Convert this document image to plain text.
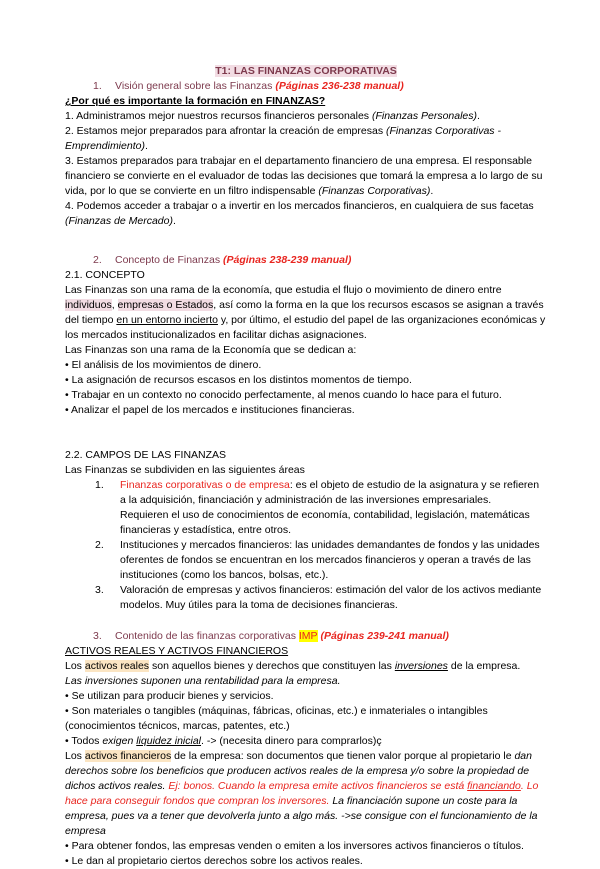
T1: LAS FINANZAS CORPORATIVAS
1.	Visión general sobre las Finanzas (Páginas 236-238 manual)

¿Por qué es importante la formación en FINANZAS?

1. Administramos mejor nuestros recursos financieros personales (Finanzas Personales).

2. Estamos mejor preparados para afrontar la creación de empresas (Finanzas Corporativas - Emprendimiento).

3. Estamos preparados para trabajar en el departamento financiero de una empresa. El responsable financiero se convierte en el evaluador de todas las decisiones que tomará la empresa a lo largo de su vida, por lo que se convierte en un filtro indispensable (Finanzas Corporativas).

4. Podemos acceder a trabajar o a invertir en los mercados financieros, en cualquiera de sus facetas (Finanzas de Mercado).

2.	Concepto de Finanzas (Páginas 238-239 manual)

2.1. CONCEPTO

Las Finanzas son una rama de la economía, que estudia el flujo o movimiento de dinero entre individuos, empresas o Estados, así como la forma en la que los recursos escasos se asignan a través del tiempo en un entorno incierto y, por último, el estudio del papel de las organizaciones económicas y los mercados institucionalizados en facilitar dichas asignaciones.

Las Finanzas son una rama de la Economía que se dedican a:

• El análisis de los movimientos de dinero.

• La asignación de recursos escasos en los distintos momentos de tiempo.

• Trabajar en un contexto no conocido perfectamente, al menos cuando lo hace para el futuro.

• Analizar el papel de los mercados e instituciones financieras.

2.2. CAMPOS DE LAS FINANZAS

Las Finanzas se subdividen en las siguientes áreas

1.	Finanzas corporativas o de empresa: es el objeto de estudio de la asignatura y se refieren a la adquisición, financiación y administración de las inversiones empresariales.
Requieren el uso de conocimientos de economía, contabilidad, legislación, matemáticas financieras y estadística, entre otros.
2.	Instituciones y mercados financieros: las unidades demandantes de fondos y las unidades oferentes de fondos se encuentran en los mercados financieros y operan a través de las instituciones (como los bancos, bolsas, etc.).
3.	Valoración de empresas y activos financieros: estimación del valor de los activos mediante modelos. Muy útiles para la toma de decisiones financieras.
3.	Contenido de las finanzas corporativas IMP (Páginas 239-241 manual)

ACTIVOS REALES Y ACTIVOS FINANCIEROS

Los activos reales son aquellos bienes y derechos que constituyen las inversiones de la empresa.

Las inversiones suponen una rentabilidad para la empresa.

• Se utilizan para producir bienes y servicios.

• Son materiales o tangibles (máquinas, fábricas, oficinas, etc.) e inmateriales o intangibles (conocimientos técnicos, marcas, patentes, etc.)

• Todos exigen liquidez inicial. -> (necesita dinero para comprarlos)ç

Los activos financieros de la empresa: son documentos que tienen valor porque al propietario le dan derechos sobre los beneficios que producen activos reales de la empresa y/o sobre la propiedad de dichos activos reales. Ej: bonos. Cuando la empresa emite activos financieros se está financiando. Lo hace para conseguir fondos que compran los inversores. La financiación supone un coste para la empresa, pues va a tener que devolverla junto a algo más. ->se consigue con el funcionamiento de la empresa

• Para obtener fondos, las empresas venden o emiten a los inversores activos financieros o títulos.

• Le dan al propietario ciertos derechos sobre los activos reales.
